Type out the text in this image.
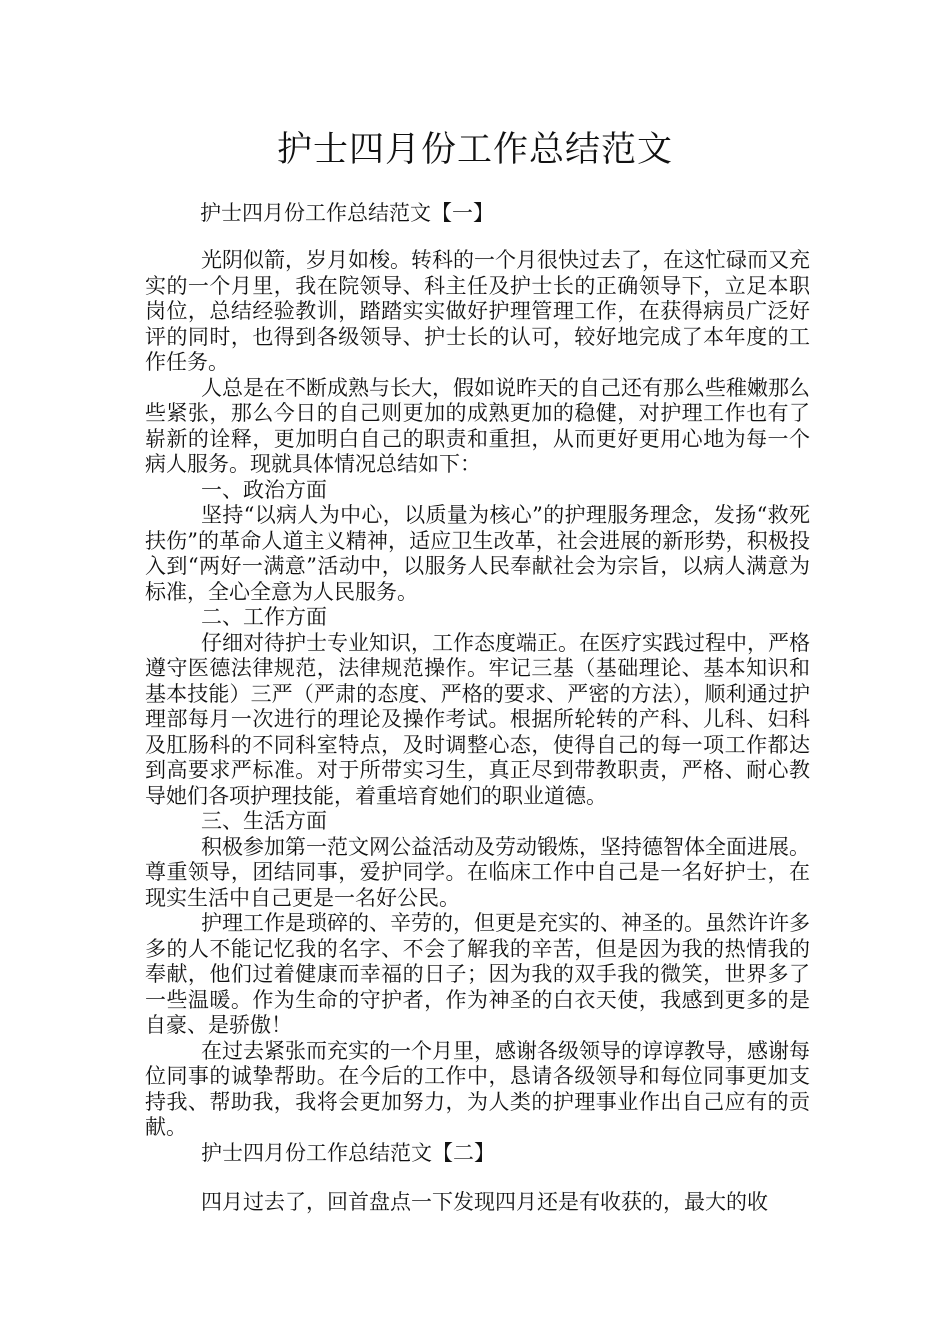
护士四月份工作总结范文
护士四月份工作总结范文【一】

光阴似箭，岁月如梭。转科的一个月很快过去了，在这忙碌而又充实的一个月里，我在院领导、科主任及护士长的正确领导下，立足本职岗位，总结经验教训，踏踏实实做好护理管理工作，在获得病员广泛好评的同时，也得到各级领导、护士长的认可，较好地完成了本年度的工作任务。

人总是在不断成熟与长大，假如说昨天的自己还有那么些稚嫩那么些紧张，那么今日的自己则更加的成熟更加的稳健，对护理工作也有了崭新的诠释，更加明白自己的职责和重担，从而更好更用心地为每一个病人服务。现就具体情况总结如下：

一、政治方面

坚持“以病人为中心，以质量为核心”的护理服务理念，发扬“救死扶伤”的革命人道主义精神，适应卫生改革，社会进展的新形势，积极投入到“两好一满意”活动中，以服务人民奉献社会为宗旨，以病人满意为标准，全心全意为人民服务。

二、工作方面

仔细对待护士专业知识，工作态度端正。在医疗实践过程中，严格遵守医德法律规范，法律规范操作。牢记三基（基础理论、基本知识和基本技能）三严（严肃的态度、严格的要求、严密的方法），顺利通过护理部每月一次进行的理论及操作考试。根据所轮转的产科、儿科、妇科及肛肠科的不同科室特点，及时调整心态，使得自己的每一项工作都达到高要求严标准。对于所带实习生，真正尽到带教职责，严格、耐心教导她们各项护理技能，着重培育她们的职业道德。

三、生活方面

积极参加第一范文网公益活动及劳动锻炼，坚持德智体全面进展。尊重领导，团结同事，爱护同学。在临床工作中自己是一名好护士，在现实生活中自己更是一名好公民。

护理工作是琐碎的、辛劳的，但更是充实的、神圣的。虽然许许多多的人不能记忆我的名字、不会了解我的辛苦，但是因为我的热情我的奉献，他们过着健康而幸福的日子；因为我的双手我的微笑，世界多了一些温暖。作为生命的守护者，作为神圣的白衣天使，我感到更多的是自豪、是骄傲！

在过去紧张而充实的一个月里，感谢各级领导的谆谆教导，感谢每位同事的诚挚帮助。在今后的工作中，恳请各级领导和每位同事更加支持我、帮助我，我将会更加努力，为人类的护理事业作出自己应有的贡献。

护士四月份工作总结范文【二】

四月过去了，回首盘点一下发现四月还是有收获的，最大的收
